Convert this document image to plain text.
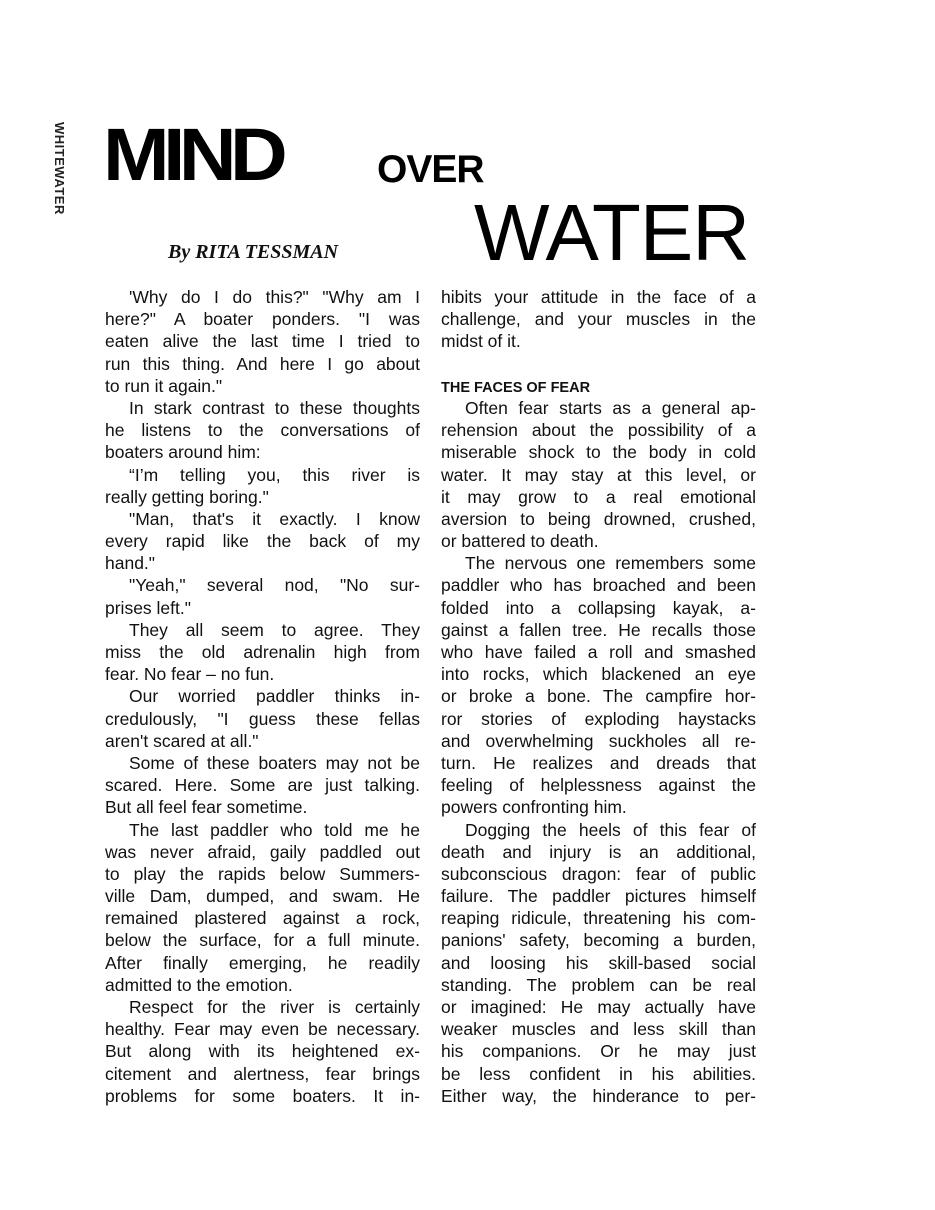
WHITEWATER MIND OVER
WATER
By RITA TESSMAN
'Why do I do this?" "Why am I
here?" A boater ponders. "I was
eaten alive the last time I tried to
run this thing. And here I go about
to run it again."
In stark contrast to these thoughts
he listens to the conversations of
boaters around him:
“I’m telling you, this river is
really getting boring."
"Man, that's it exactly. I know
every rapid like the back of my
hand."
"Yeah," several nod, "No sur-
prises left."
They all seem to agree. They
miss the old adrenalin high from
fear. No fear – no fun.
Our worried paddler thinks in-
credulously, "I guess these fellas
aren't scared at all."
Some of these boaters may not be
scared. Here. Some are just talking.
But all feel fear sometime.
The last paddler who told me he
was never afraid, gaily paddled out
to play the rapids below Summers-
ville Dam, dumped, and swam. He
remained plastered against a rock,
below the surface, for a full minute.
After finally emerging, he readily
admitted to the emotion.
Respect for the river is certainly
healthy. Fear may even be necessary.
But along with its heightened ex-
citement and alertness, fear brings
problems for some boaters. It in-
hibits your attitude in the face of a
challenge, and your muscles in the
midst of it.
THE FACES OF FEAR
Often fear starts as a general ap-
rehension about the possibility of a
miserable shock to the body in cold
water. It may stay at this level, or
it may grow to a real emotional
aversion to being drowned, crushed,
or battered to death.
The nervous one remembers some
paddler who has broached and been
folded into a collapsing kayak, a-
gainst a fallen tree. He recalls those
who have failed a roll and smashed
into rocks, which blackened an eye
or broke a bone. The campfire hor-
ror stories of exploding haystacks
and overwhelming suckholes all re-
turn. He realizes and dreads that
feeling of helplessness against the
powers confronting him.
Dogging the heels of this fear of
death and injury is an additional,
subconscious dragon: fear of public
failure. The paddler pictures himself
reaping ridicule, threatening his com-
panions' safety, becoming a burden,
and loosing his skill-based social
standing. The problem can be real
or imagined: He may actually have
weaker muscles and less skill than
his companions. Or he may just
be less confident in his abilities.
Either way, the hinderance to per-
